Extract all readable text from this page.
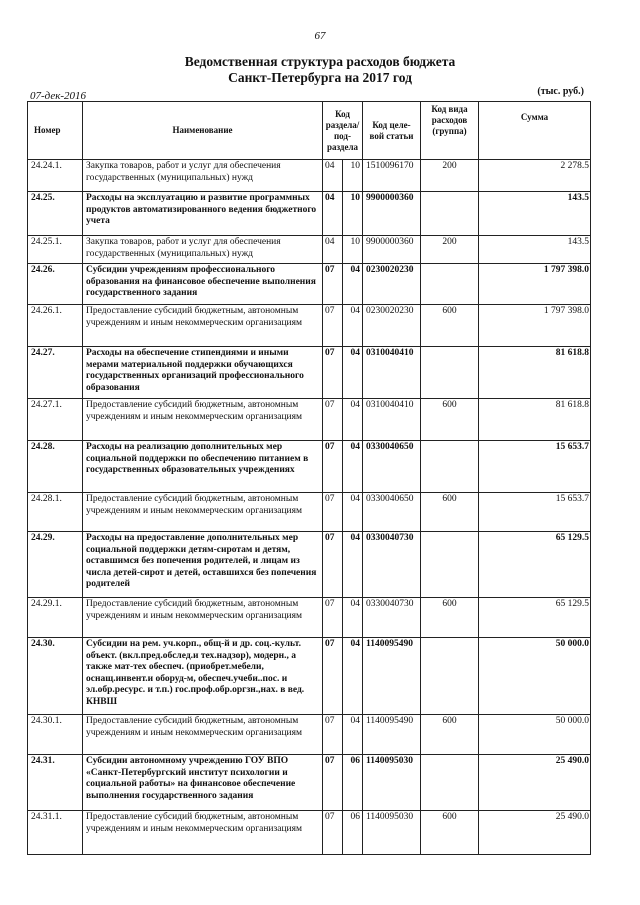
67
Ведомственная структура расходов бюджета
Санкт-Петербурга на 2017 год
07-дек-2016	(тыс. руб.)
Номер	Наименование	Код раздела/ под- раздела		Код целе- вой статьи	Код вида расходов (группа)	Сумма
24.24.1.	Закупка товаров, работ и услуг для обеспечения государственных (муниципальных) нужд	04	10	1510096170	200	2 278.5
24.25.	Расходы на эксплуатацию и развитие программных продуктов автоматизированного ведения бюджетного учета	04	10	9900000360		143.5
24.25.1.	Закупка товаров, работ и услуг для обеспечения государственных (муниципальных) нужд	04	10	9900000360	200	143.5
24.26.	Субсидии учреждениям профессионального образования на финансовое обеспечение выполнения государственного задания	07	04	0230020230		1 797 398.0
24.26.1.	Предоставление субсидий бюджетным, автономным учреждениям и иным некоммерческим организациям	07	04	0230020230	600	1 797 398.0
24.27.	Расходы на обеспечение стипендиями и иными мерами материальной поддержки обучающихся государственных организаций профессионального образования	07	04	0310040410		81 618.8
24.27.1.	Предоставление субсидий бюджетным, автономным учреждениям и иным некоммерческим организациям	07	04	0310040410	600	81 618.8
24.28.	Расходы на реализацию дополнительных мер социальной поддержки по обеспечению питанием в государственных образовательных учреждениях	07	04	0330040650		15 653.7
24.28.1.	Предоставление субсидий бюджетным, автономным учреждениям и иным некоммерческим организациям	07	04	0330040650	600	15 653.7
24.29.	Расходы на предоставление дополнительных мер социальной поддержки детям-сиротам и детям, оставшимся без попечения родителей, и лицам из числа детей-сирот и детей, оставшихся без попечения родителей	07	04	0330040730		65 129.5
24.29.1.	Предоставление субсидий бюджетным, автономным учреждениям и иным некоммерческим организациям	07	04	0330040730	600	65 129.5
24.30.	Субсидии на рем. уч.корп., общ-й и др. соц.-культ. объект. (вкл.пред.обслед.и тех.надзор), модерн., а также мат-тех обеспеч. (приобрет.мебели, оснащ.инвент.и оборуд-м, обеспеч.учеби..пос. и эл.обр.ресурс. и т.п.) гос.проф.обр.оргзн.,нах. в вед. КНВШ	07	04	1140095490		50 000.0
24.30.1.	Предоставление субсидий бюджетным, автономным учреждениям и иным некоммерческим организациям	07	04	1140095490	600	50 000.0
24.31.	Субсидии автономному учреждению ГОУ ВПО «Санкт-Петербургский институт психологии и социальной работы» на финансовое обеспечение выполнения государственного задания	07	06	1140095030		25 490.0
24.31.1.	Предоставление субсидий бюджетным, автономным учреждениям и иным некоммерческим организациям	07	06	1140095030	600	25 490.0
